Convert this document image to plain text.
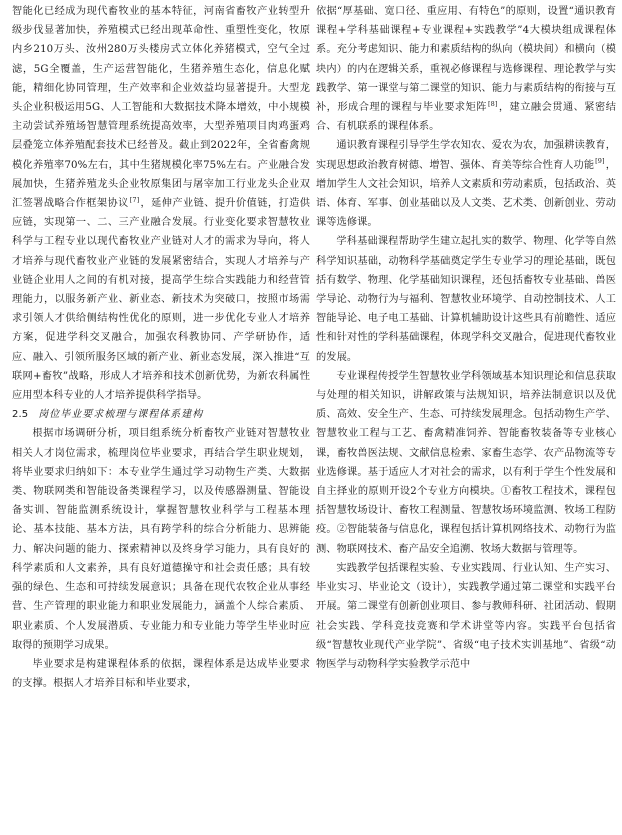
智能化已经成为现代畜牧业的基本特征，河南省畜牧产业转型升级步伐显著加快，养殖模式已经出现革命性、重塑性变化，牧原内乡210万头、汝州280万头楼房式立体化养猪模式，空气全过滤，5G全覆盖，生产运营智能化，生猪养殖生态化，信息化赋能，精细化协同管理，生产效率和企业效益均显著提升。大型龙头企业积极运用5G、人工智能和大数据技术降本增效，中小规模主动尝试养殖场智慧管理系统提高效率，大型养殖项目肉鸡蛋鸡层叠笼立体养殖配套技术已经普及。截止到2022年，全省畜禽规模化养殖率70%左右，其中生猪规模化率75%左右。产业融合发展加快，生猪养殖龙头企业牧原集团与屠宰加工行业龙头企业双汇签署战略合作框架协议[7]，延伸产业链、提升价值链，打造供应链，实现第一、二、三产业融合发展。行业变化要求智慧牧业科学与工程专业以现代畜牧业产业链对人才的需求为导向，将人才培养与现代畜牧业产业链的发展紧密结合，实现人才培养与产业链企业用人之间的有机对接，提高学生综合实践能力和经营管理能力，以服务新产业、新业态、新技术为突破口，按照市场需求引领人才供给侧结构性优化的原则，进一步优化专业人才培养方案，促进学科交叉融合，加强农科教协同、产学研协作，适应、融入、引领所服务区域的新产业、新业态发展，深入推进“互联网+畜牧”战略，形成人才培养和技术创新优势，为新农科属性应用型本科专业的人才培养提供科学指导。

2.5 岗位毕业要求梳理与课程体系建构

根据市场调研分析，项目组系统分析畜牧产业链对智慧牧业相关人才岗位需求，梳理岗位毕业要求，再结合学生职业规划，将毕业要求归纳如下：本专业学生通过学习动物生产类、大数据类、物联网类和智能设备类课程学习，以及传感器测量、智能设备实训、智能监测系统设计，掌握智慧牧业科学与工程基本理论、基本技能、基本方法，具有跨学科的综合分析能力、思辨能力、解决问题的能力、探索精神以及终身学习能力，具有良好的科学素质和人文素养，具有良好道德操守和社会责任感；具有较强的绿色、生态和可持续发展意识；具备在现代农牧企业从事经营、生产管理的职业能力和职业发展能力，涵盖个人综合素质、职业素质、个人发展潜质、专业能力和专业能力等学生毕业时应取得的预期学习成果。

毕业要求是构建课程体系的依据，课程体系是达成毕业要求的支撑。根据人才培养目标和毕业要求，

依据“厚基础、宽口径、重应用、有特色”的原则，设置“通识教育课程+学科基础课程+专业课程+实践教学”4大模块组成课程体系。充分考虑知识、能力和素质结构的纵向（模块间）和横向（模块内）的内在逻辑关系，重视必修课程与选修课程、理论教学与实践教学、第一课堂与第二课堂的知识、能力与素质结构的衔接与互补，形成合理的课程与毕业要求矩阵[8]，建立融会贯通、紧密结合、有机联系的课程体系。

通识教育课程引导学生学农知农、爱农为农，加强耕读教育，实现思想政治教育树德、增智、强体、育美等综合性育人功能[9]，增加学生人文社会知识，培养人文素质和劳动素质，包括政治、英语、体育、军事、创业基础以及人文类、艺术类、创新创业、劳动课等选修课。

学科基础课程帮助学生建立起扎实的数学、物理、化学等自然科学知识基础，动物科学基础奠定学生专业学习的理论基础，既包括有数学、物理、化学基础知识课程，还包括畜牧专业基础、兽医学导论、动物行为与福利、智慧牧业环境学、自动控制技术、人工智能导论、电子电工基础、计算机辅助设计这些具有前瞻性、适应性和针对性的学科基础课程，体现学科交叉融合，促进现代畜牧业的发展。

专业课程传授学生智慧牧业学科领域基本知识理论和信息获取与处理的相关知识，讲解政策与法规知识，培养法制意识以及优质、高效、安全生产、生态、可持续发展理念。包括动物生产学、智慧牧业工程与工艺、畜禽精准饲养、智能畜牧装备等专业核心课，畜牧兽医法规、文献信息检索、家畜生态学、农产品物流等专业选修课。基于适应人才对社会的需求，以有利于学生个性发展和自主择业的原则开设2个专业方向模块。①畜牧工程技术，课程包括智慧牧场设计、畜牧工程测量、智慧牧场环境监测、牧场工程防疫。②智能装备与信息化，课程包括计算机网络技术、动物行为监测、物联网技术、畜产品安全追溯、牧场大数据与管理等。

实践教学包括课程实验、专业实践周、行业认知、生产实习、毕业实习、毕业论文（设计），实践教学通过第二课堂和实践平台开展。第二课堂有创新创业项目、参与教师科研、社团活动、假期社会实践、学科竞技竞赛和学术讲堂等内容。实践平台包括省级“智慧牧业现代产业学院”、省级“电子技术实训基地”、省级“动物医学与动物科学实验教学示范中
